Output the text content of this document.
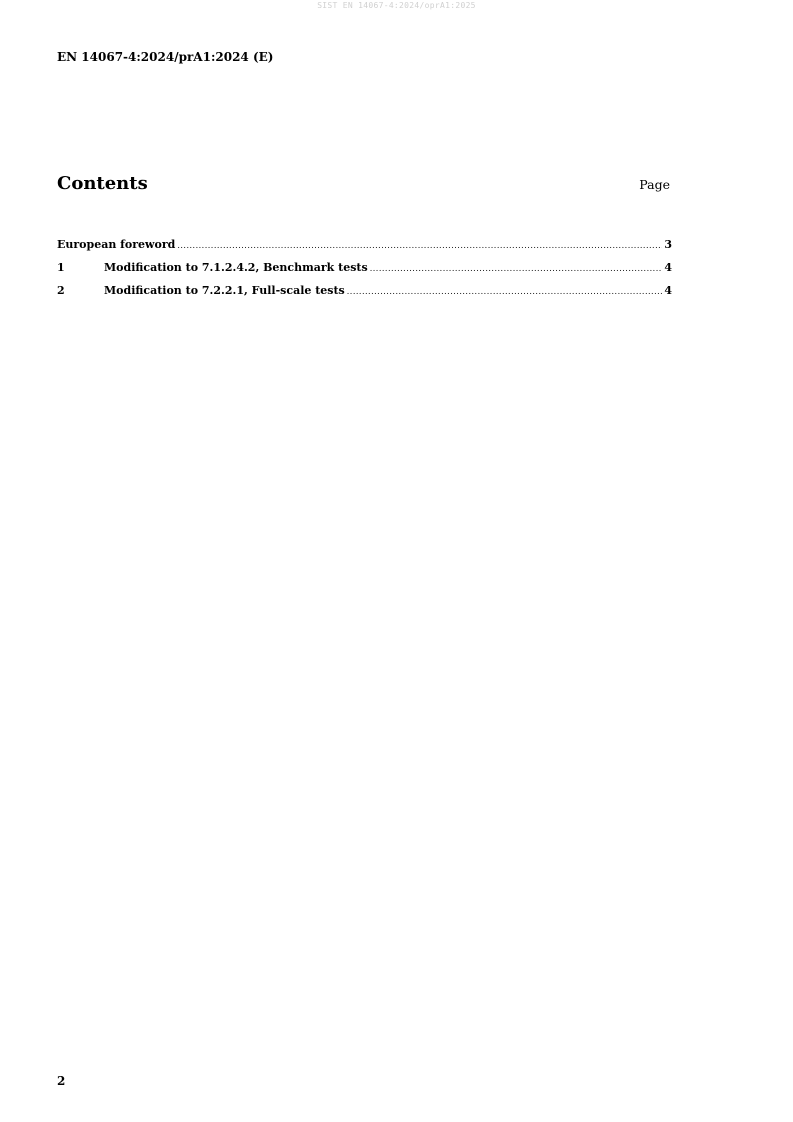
SIST EN 14067-4:2024/oprA1:2025
EN 14067-4:2024/prA1:2024 (E)
Contents	Page
European foreword .....	3
1	Modification to 7.1.2.4.2, Benchmark tests .....	4
2	Modification to 7.2.2.1, Full-scale tests .....	4
2
